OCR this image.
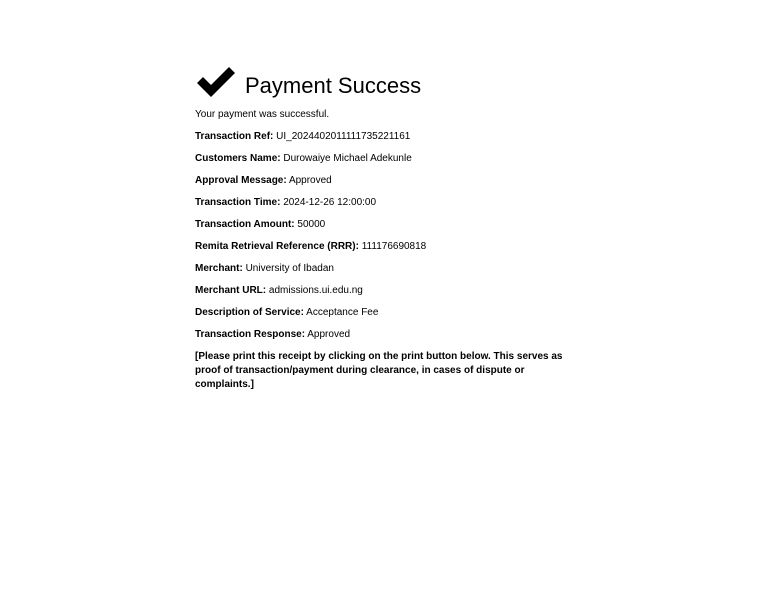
Payment Success
Your payment was successful.
Transaction Ref: UI_20244020111117352211​61
Customers Name: Durowaiye Michael Adekunle
Approval Message: Approved
Transaction Time: 2024-12-26 12:00:00
Transaction Amount: 50000
Remita Retrieval Reference (RRR): 111176690818
Merchant: University of Ibadan
Merchant URL: admissions.ui.edu.ng
Description of Service: Acceptance Fee
Transaction Response: Approved
[Please print this receipt by clicking on the print button below. This serves as proof of transaction/payment during clearance, in cases of dispute or complaints.]
